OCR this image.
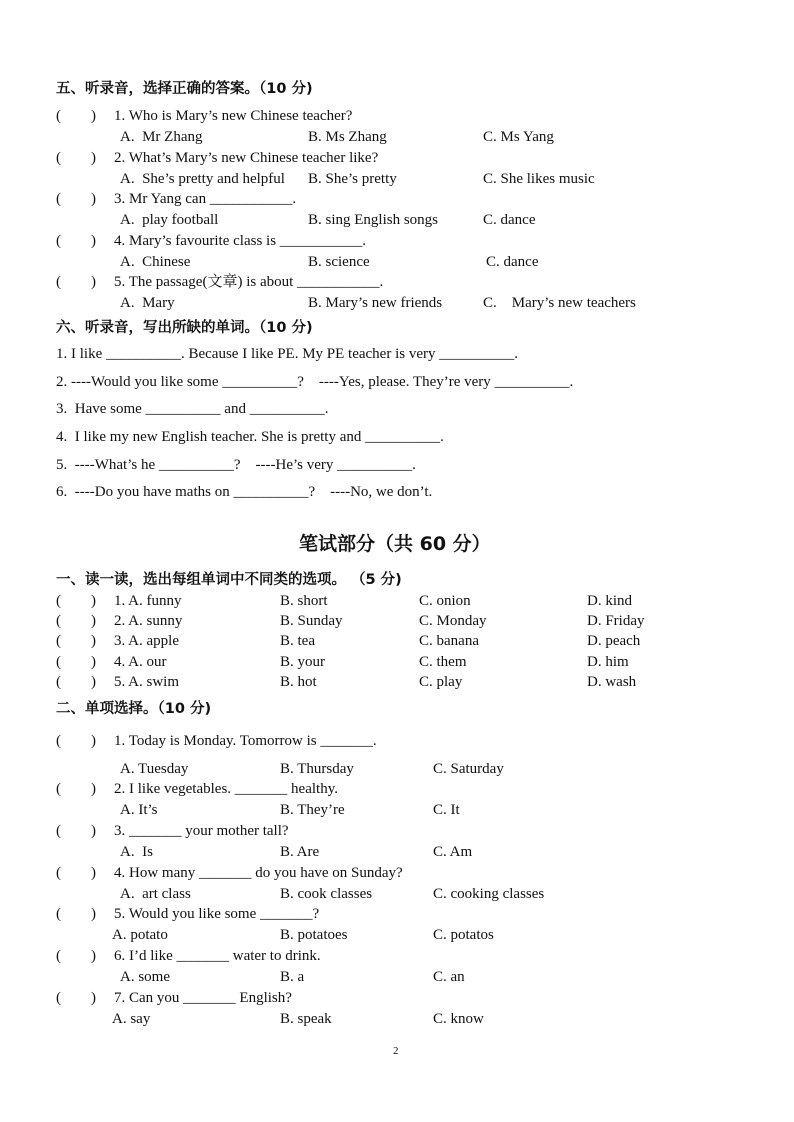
五、听录音，选择正确的答案。（10 分)
(        ) 1. Who is Mary’s new Chinese teacher?
A.  Mr Zhang	B. Ms Zhang	C. Ms Yang
(        ) 2. What’s Mary’s new Chinese teacher like?
A.  She’s pretty and helpful B. She’s pretty	C. She likes music
(        ) 3. Mr Yang can ___________.
A.  play football	B. sing English songs	C. dance
(        ) 4. Mary’s favourite class is ___________.
A.  Chinese	B. science	C. dance
(        ) 5. The passage(文章) is about ___________.
A.  Mary	B. Mary’s new friends	C.    Mary’s new teachers
六、听录音，写出所缺的单词。（10 分)
1. I like __________. Because I like PE. My PE teacher is very __________.
2. ----Would you like some __________?    ----Yes, please. They’re very __________.
3.  Have some __________ and __________.
4.  I like my new English teacher. She is pretty and __________.
5.  ----What’s he __________?    ----He’s very __________.
6.  ----Do you have maths on __________?    ----No, we don’t.
笔试部分（共 60 分）
一、读一读，选出每组单词中不同类的选项。 （5 分)
(        ) 1. A. funny	B. short	C. onion	D. kind
(        ) 2. A. sunny	B. Sunday	C. Monday	D. Friday
(        ) 3. A. apple	B. tea	C. banana	D. peach
(        ) 4. A. our	B. your	C. them	D. him
(        ) 5. A. swim	B. hot	C. play	D. wash
二、单项选择。（10 分)
(        ) 1. Today is Monday. Tomorrow is _______.
A. Tuesday	B. Thursday	C. Saturday
(        ) 2. I like vegetables. _______ healthy.
A. It’s	B. They’re	C. It
(        ) 3. _______ your mother tall?
A.  Is	B. Are	C. Am
(        ) 4. How many _______ do you have on Sunday?
A.  art class	B. cook classes	C. cooking classes
(        ) 5. Would you like some _______?
A. potato	B. potatoes	C. potatos
(        ) 6. I’d like _______ water to drink.
A. some	B. a	C. an
(        ) 7. Can you _______ English?
A. say	B. speak	C. know
2
